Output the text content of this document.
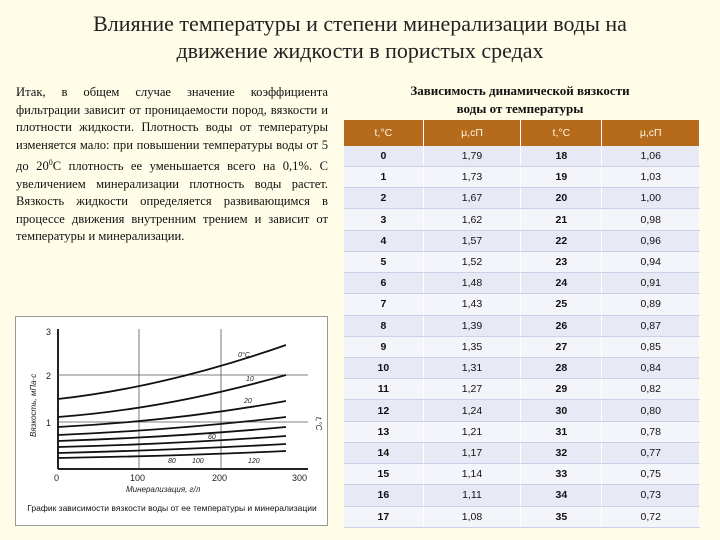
Влияние температуры и степени минерализации воды на
движение жидкости в пористых средах
Итак, в общем случае значение коэффициента фильтрации зависит от проницаемости пород, вязкости и плотности жидкости. Плотность воды от температуры изменяется мало: при повышении температуры воды от 5 до $20^0С$ плотность ее уменьшается всего на 0,1%. С увеличением минерализации плотность воды растет. Вязкость жидкости определяется развивающимся в процессе движения внутренним трением и зависит от температуры и минерализации.
3
2
1
0	100	200	300
Вязкость, мПа·с
Минерализация, г/л
0°C
10
20
60
80 100	120
t,°C
График зависимости вязкости воды от ее температуры и минерализации
Зависимость динамической вязкости
воды от температуры
t,°C	μ,сП	t,°C	μ,сП
0	1,79	18	1,06
1	1,73	19	1,03
2	1,67	20	1,00
3	1,62	21	0,98
4	1,57	22	0,96
5	1,52	23	0,94
6	1,48	24	0,91
7	1,43	25	0,89
8	1,39	26	0,87
9	1,35	27	0,85
10	1,31	28	0,84
11	1,27	29	0,82
12	1,24	30	0,80
13	1,21	31	0,78
14	1,17	32	0,77
15	1,14	33	0,75
16	1,11	34	0,73
17	1,08	35	0,72
